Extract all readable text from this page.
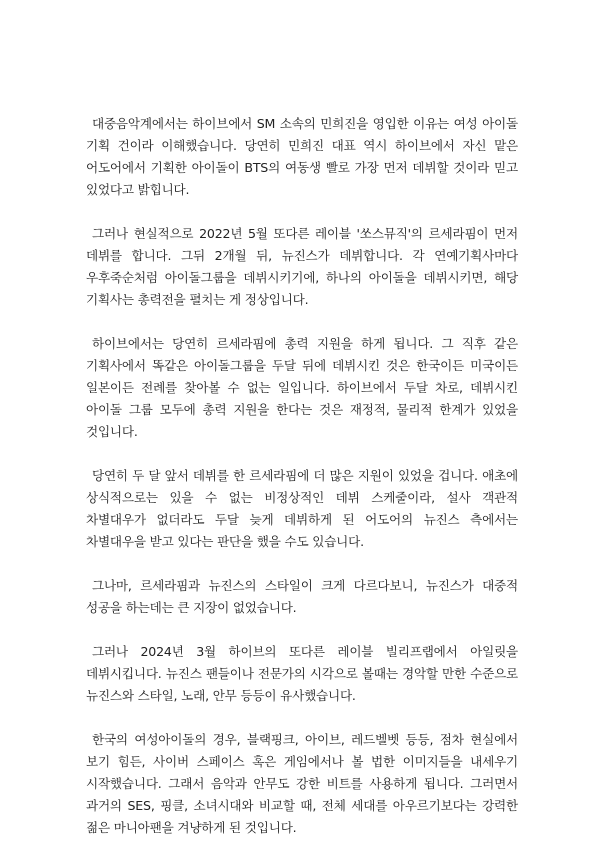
대중음악계에서는 하이브에서 SM 소속의 민희진을 영입한 이유는 여성 아이돌 기획 건이라 이해했습니다. 당연히 민희진 대표 역시 하이브에서 자신 맡은 어도어에서 기획한 아이돌이 BTS의 여동생 빨로 가장 먼저 데뷔할 것이라 믿고 있었다고 밝힙니다.

그러나 현실적으로 2022년 5월 또다른 레이블 '쏘스뮤직'의 르세라핌이 먼저 데뷔를 합니다. 그뒤 2개월 뒤, 뉴진스가 데뷔합니다. 각 연예기획사마다 우후죽순처럼 아이돌그룹을 데뷔시키기에, 하나의 아이돌을 데뷔시키면, 해당 기획사는 총력전을 펼치는 게 정상입니다.

하이브에서는 당연히 르세라핌에 총력 지원을 하게 됩니다. 그 직후 같은 기획사에서 똑같은 아이돌그룹을 두달 뒤에 데뷔시킨 것은 한국이든 미국이든 일본이든 전례를 찾아볼 수 없는 일입니다. 하이브에서 두달 차로, 데뷔시킨 아이돌 그룹 모두에 총력 지원을 한다는 것은 재정적, 물리적 한계가 있었을 것입니다.

당연히 두 달 앞서 데뷔를 한 르세라핌에 더 많은 지원이 있었을 겁니다. 애초에 상식적으로는 있을 수 없는 비정상적인 데뷔 스케줄이라, 설사 객관적 차별대우가 없더라도 두달 늦게 데뷔하게 된 어도어의 뉴진스 측에서는 차별대우을 받고 있다는 판단을 했을 수도 있습니다.

그나마, 르세라핌과 뉴진스의 스타일이 크게 다르다보니, 뉴진스가 대중적 성공을 하는데는 큰 지장이 없었습니다.

그러나 2024년 3월 하이브의 또다른 레이블 빌리프랩에서 아일릿을 데뷔시킵니다. 뉴진스 팬들이나 전문가의 시각으로 볼때는 경악할 만한 수준으로 뉴진스와 스타일, 노래, 안무 등등이 유사했습니다.

한국의 여성아이돌의 경우, 블랙핑크, 아이브, 레드벨벳 등등, 점차 현실에서 보기 힘든, 사이버 스페이스 혹은 게임에서나 볼 법한 이미지들을 내세우기 시작했습니다. 그래서 음악과 안무도 강한 비트를 사용하게 됩니다. 그러면서 과거의 SES, 핑클, 소녀시대와 비교할 때, 전체 세대를 아우르기보다는 강력한 젊은 마니아팬을 겨냥하게 된 것입니다.
